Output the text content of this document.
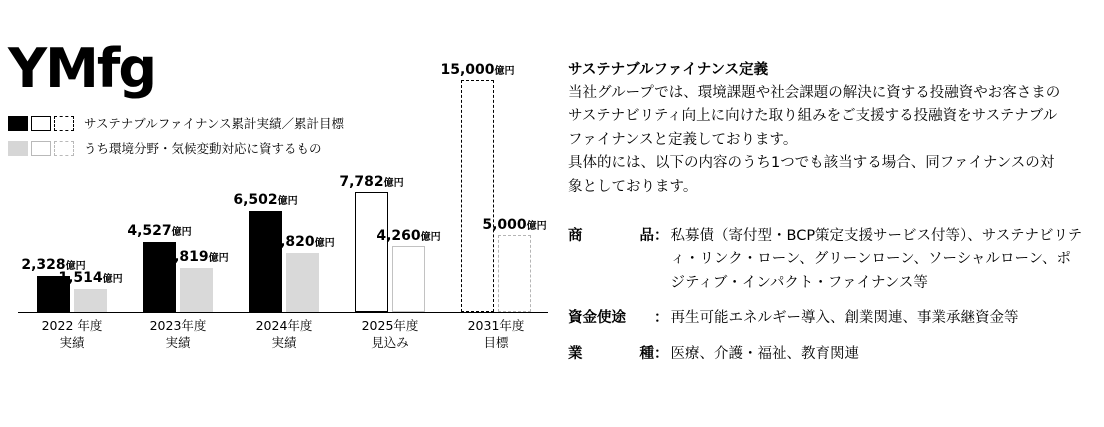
YMfg
サステナブルファイナンス累計実績／累計目標
うち環境分野・気候変動対応に資するもの
2,328億円
1,514億円
2022 年度
実績
4,527億円
2,819億円
2023年度
実績
6,502億円
3,820億円
2024年度
実績
7,782億円
4,260億円
2025年度
見込み
15,000億円
5,000億円
2031年度
目標
サステナブルファイナンス定義

当社グループでは、環境課題や社会課題の解決に資する投融資やお客さまのサステナビリティ向上に向けた取り組みをご支援する投融資をサステナブルファイナンスと定義しております。

具体的には、以下の内容のうち1つでも該当する場合、同ファイナンスの対象としております。

商	品 ： 私募債（寄付型・BCP策定支援サービス付等）、サステナビリティ・リンク・ローン、グリーンローン、ソーシャルローン、ポジティブ・インパクト・ファイナンス等
資金使途 ： 再生可能エネルギー導入、創業関連、事業承継資金等
業	種 ： 医療、介護・福祉、教育関連
